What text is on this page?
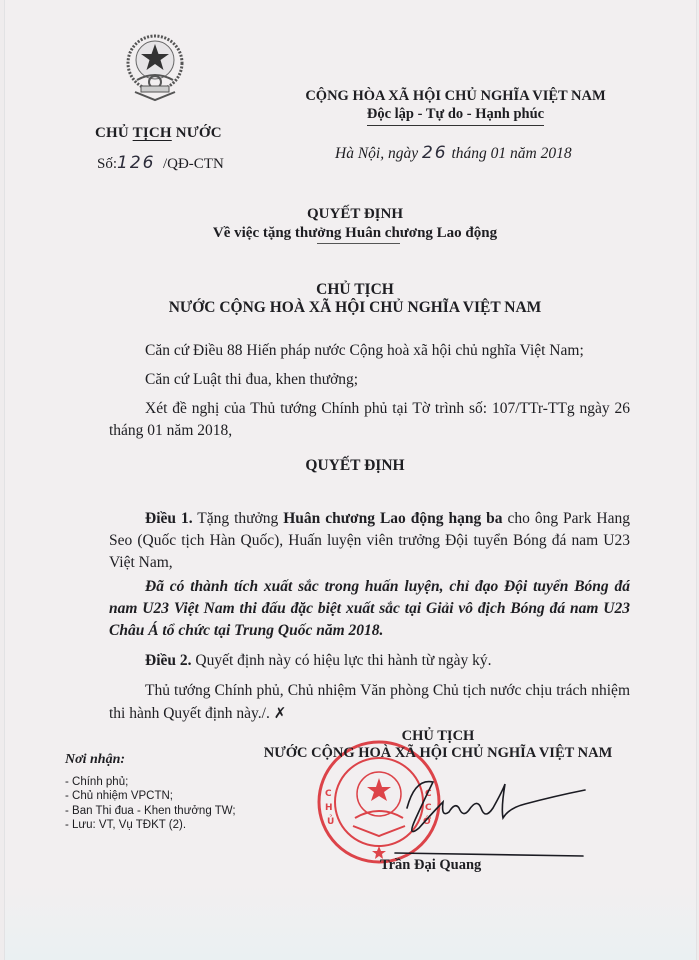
CHỦ TỊCH NƯỚC
Số:126 /QĐ-CTN
CỘNG HÒA XÃ HỘI CHỦ NGHĨA VIỆT NAM
Độc lập - Tự do - Hạnh phúc
Hà Nội, ngày 26 tháng 01 năm 2018
QUYẾT ĐỊNH
Về việc tặng thưởng Huân chương Lao động
CHỦ TỊCH
NƯỚC CỘNG HOÀ XÃ HỘI CHỦ NGHĨA VIỆT NAM
Căn cứ Điều 88 Hiến pháp nước Cộng hoà xã hội chủ nghĩa Việt Nam;
Căn cứ Luật thi đua, khen thưởng;
Xét đề nghị của Thủ tướng Chính phủ tại Tờ trình số: 107/TTr-TTg ngày 26 tháng 01 năm 2018,
QUYẾT ĐỊNH
Điều 1. Tặng thưởng Huân chương Lao động hạng ba cho ông Park Hang Seo (Quốc tịch Hàn Quốc), Huấn luyện viên trưởng Đội tuyển Bóng đá nam U23 Việt Nam,
Đã có thành tích xuất sắc trong huấn luyện, chỉ đạo Đội tuyển Bóng đá nam U23 Việt Nam thi đấu đặc biệt xuất sắc tại Giải vô địch Bóng đá nam U23 Châu Á tổ chức tại Trung Quốc năm 2018.
Điều 2. Quyết định này có hiệu lực thi hành từ ngày ký.
Thủ tướng Chính phủ, Chủ nhiệm Văn phòng Chủ tịch nước chịu trách nhiệm thi hành Quyết định này./. ✗
Nơi nhận:
- Chính phủ;
- Chủ nhiệm VPCTN;
- Ban Thi đua - Khen thưởng TW;
- Lưu: VT, Vụ TĐKT (2).
C
H
Ủ
C
C
Ớ
CHỦ TỊCH
NƯỚC CỘNG HOÀ XÃ HỘI CHỦ NGHĨA VIỆT NAM
Trần Đại Quang
